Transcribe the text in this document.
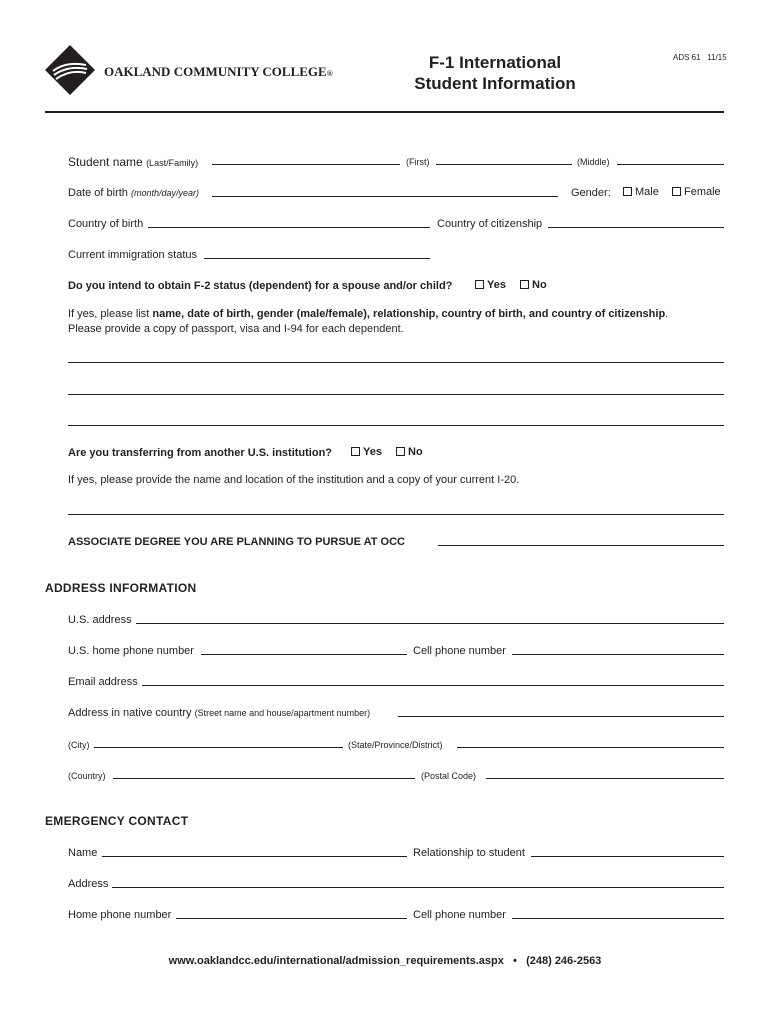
OAKLAND COMMUNITY COLLEGE®
F-1 International
Student Information
ADS 61 11/15
Student name (Last/Family)	(First)	(Middle)
Date of birth (month/day/year)	Gender:	Male	Female
Country of birth	Country of citizenship
Current immigration status
Do you intend to obtain F-2 status (dependent) for a spouse and/or child?	Yes	No
If yes, please list name, date of birth, gender (male/female), relationship, country of birth, and country of citizenship.
Please provide a copy of passport, visa and I-94 for each dependent.
Are you transferring from another U.S. institution?	Yes	No
If yes, please provide the name and location of the institution and a copy of your current I-20.
ASSOCIATE DEGREE YOU ARE PLANNING TO PURSUE AT OCC
ADDRESS INFORMATION
U.S. address
U.S. home phone number	Cell phone number
Email address
Address in native country (Street name and house/apartment number)
(City)	(State/Province/District)
(Country)	(Postal Code)
EMERGENCY CONTACT
Name	Relationship to student
Address
Home phone number	Cell phone number
www.oaklandcc.edu/international/admission_requirements.aspx • (248) 246-2563
